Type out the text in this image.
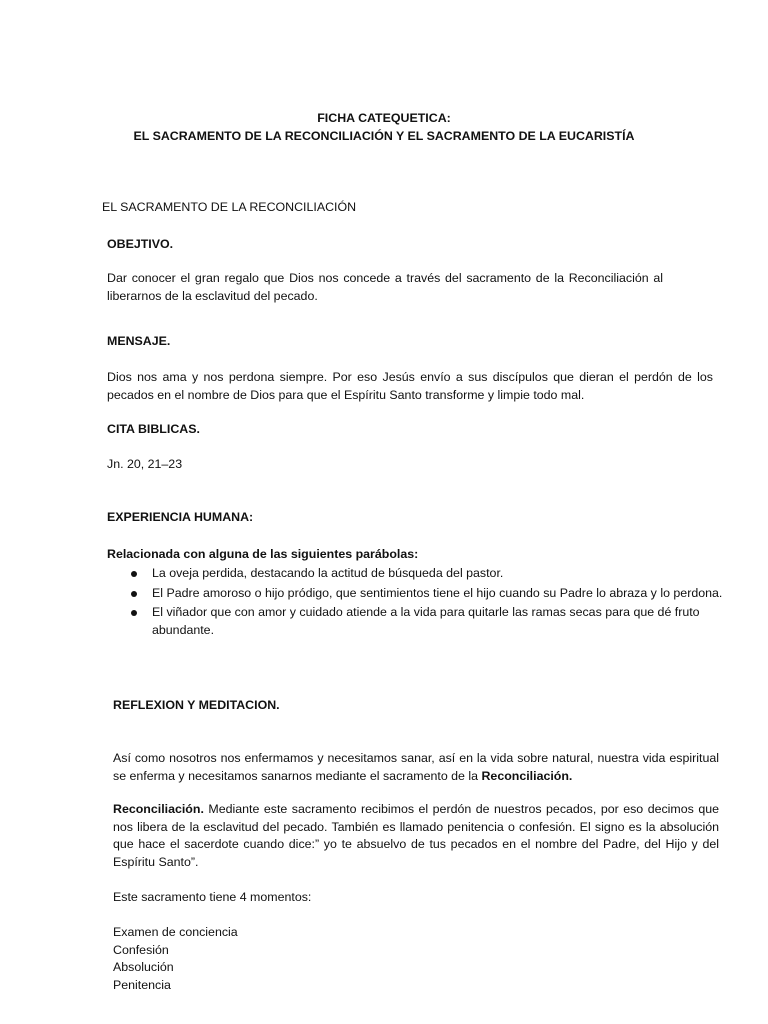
FICHA CATEQUETICA:
EL SACRAMENTO DE LA RECONCILIACIÓN Y EL SACRAMENTO DE LA EUCARISTÍA
EL SACRAMENTO DE LA RECONCILIACIÓN
OBEJTIVO.
Dar conocer el gran regalo que Dios nos concede a través del sacramento de la Reconciliación al liberarnos de la esclavitud del pecado.
MENSAJE.
Dios nos ama y nos perdona siempre. Por eso Jesús envío a sus discípulos que dieran el perdón de los pecados en el nombre de Dios para que el Espíritu Santo transforme y limpie todo mal.
CITA BIBLICAS.
Jn. 20, 21–23
EXPERIENCIA HUMANA:
Relacionada con alguna de las siguientes parábolas:
La oveja perdida, destacando la actitud de búsqueda del pastor.
El Padre amoroso o hijo pródigo, que sentimientos tiene el hijo cuando su Padre lo abraza y lo perdona.
El viñador que con amor y cuidado atiende a la vida para quitarle las ramas secas para que dé fruto abundante.
REFLEXION Y MEDITACION.
Así como nosotros nos enfermamos y necesitamos sanar, así en la vida sobre natural, nuestra vida espiritual se enferma y necesitamos sanarnos mediante el sacramento de la Reconciliación.
Reconciliación. Mediante este sacramento recibimos el perdón de nuestros pecados, por eso decimos que nos libera de la esclavitud del pecado. También es llamado penitencia o confesión. El signo es la absolución que hace el sacerdote cuando dice:” yo te absuelvo de tus pecados en el nombre del Padre, del Hijo y del Espíritu Santo”.
Este sacramento tiene 4 momentos:
Examen de conciencia
Confesión
Absolución
Penitencia
